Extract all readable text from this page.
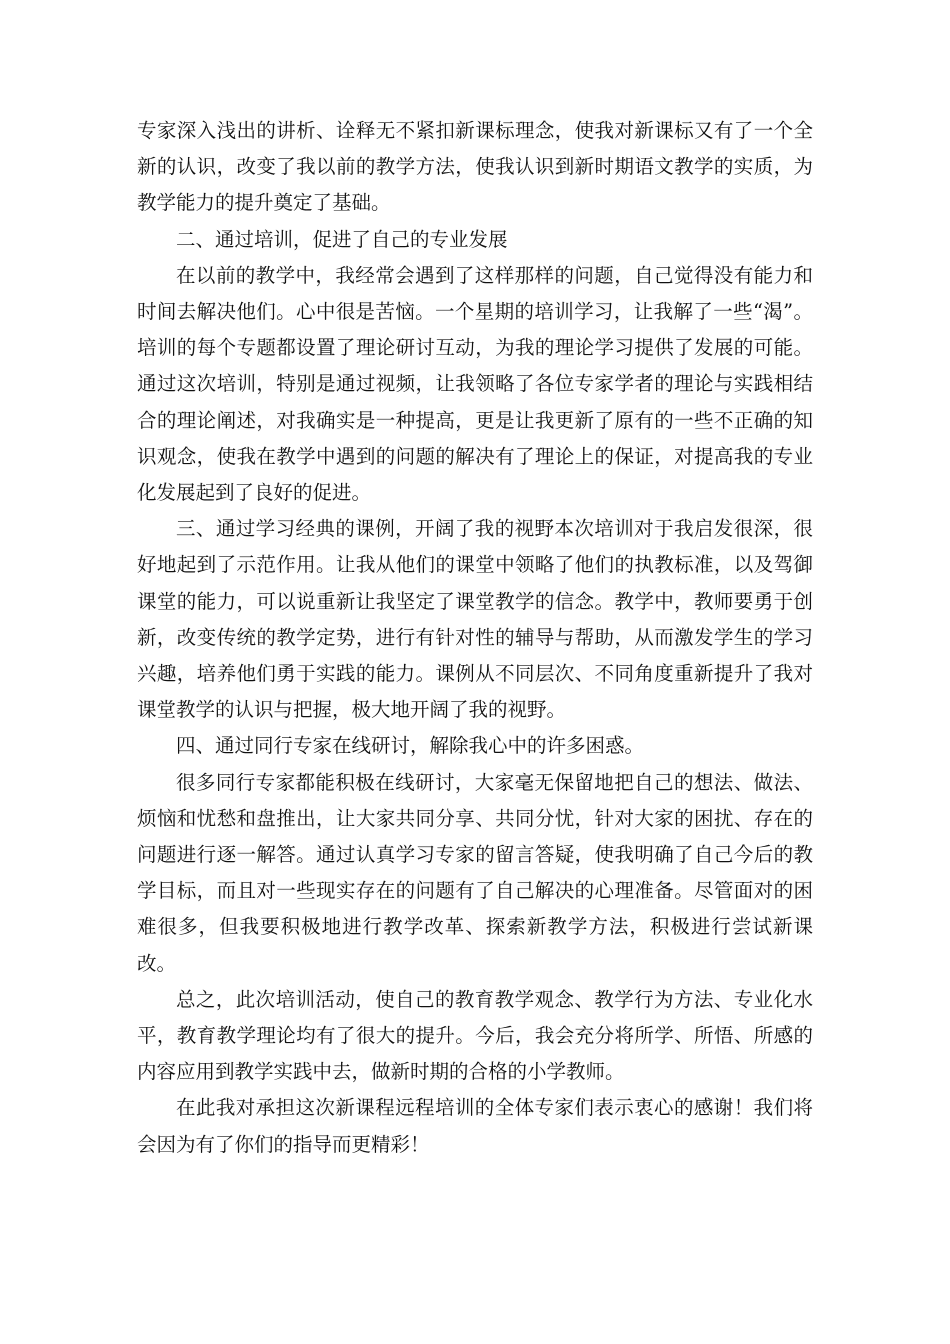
专家深入浅出的讲析、诠释无不紧扣新课标理念，使我对新课标又有了一个全新的认识，改变了我以前的教学方法，使我认识到新时期语文教学的实质，为教学能力的提升奠定了基础。

二、通过培训，促进了自己的专业发展

在以前的教学中，我经常会遇到了这样那样的问题，自己觉得没有能力和时间去解决他们。心中很是苦恼。一个星期的培训学习，让我解了一些“渴”。培训的每个专题都设置了理论研讨互动，为我的理论学习提供了发展的可能。通过这次培训，特别是通过视频，让我领略了各位专家学者的理论与实践相结合的理论阐述，对我确实是一种提高，更是让我更新了原有的一些不正确的知识观念，使我在教学中遇到的问题的解决有了理论上的保证，对提高我的专业化发展起到了良好的促进。

三、通过学习经典的课例，开阔了我的视野本次培训对于我启发很深，很好地起到了示范作用。让我从他们的课堂中领略了他们的执教标准，以及驾御课堂的能力，可以说重新让我坚定了课堂教学的信念。教学中，教师要勇于创新，改变传统的教学定势，进行有针对性的辅导与帮助，从而激发学生的学习兴趣，培养他们勇于实践的能力。课例从不同层次、不同角度重新提升了我对课堂教学的认识与把握，极大地开阔了我的视野。

四、通过同行专家在线研讨，解除我心中的许多困惑。

很多同行专家都能积极在线研讨，大家毫无保留地把自己的想法、做法、烦恼和忧愁和盘推出，让大家共同分享、共同分忧，针对大家的困扰、存在的问题进行逐一解答。通过认真学习专家的留言答疑，使我明确了自己今后的教学目标，而且对一些现实存在的问题有了自己解决的心理准备。尽管面对的困难很多，但我要积极地进行教学改革、探索新教学方法，积极进行尝试新课改。

总之，此次培训活动，使自己的教育教学观念、教学行为方法、专业化水平，教育教学理论均有了很大的提升。今后，我会充分将所学、所悟、所感的内容应用到教学实践中去，做新时期的合格的小学教师。

在此我对承担这次新课程远程培训的全体专家们表示衷心的感谢！我们将会因为有了你们的指导而更精彩！
